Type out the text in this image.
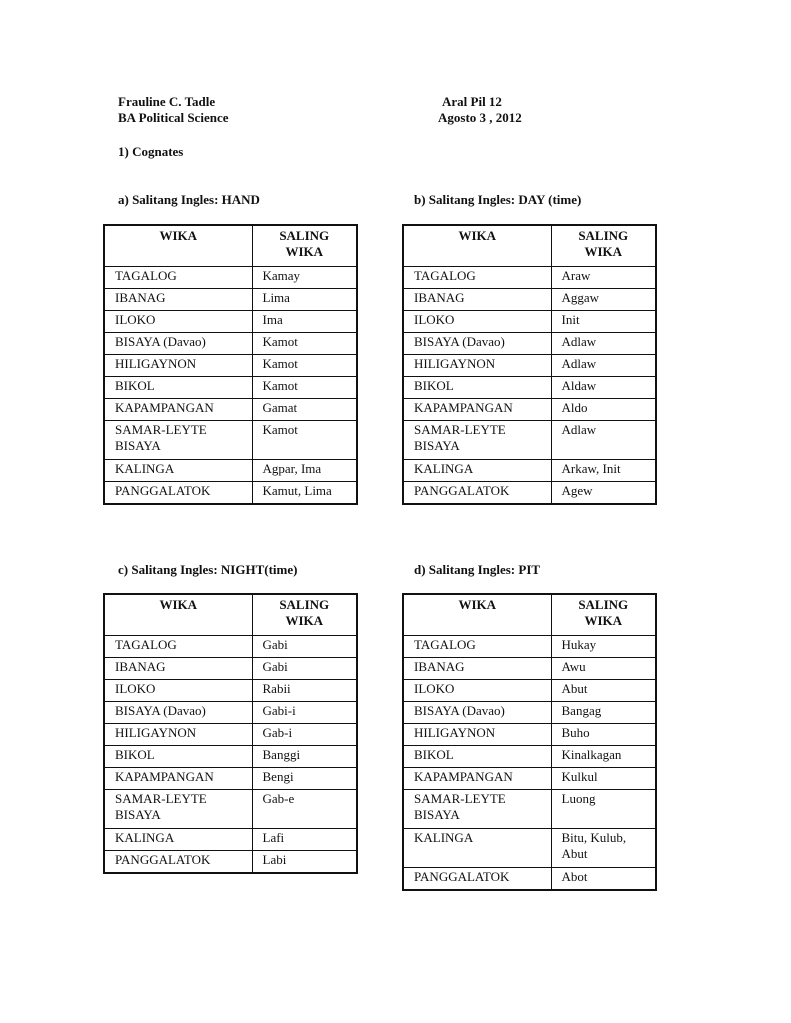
Frauline C. Tadle
BA Political Science
Aral Pil 12
Agosto 3 , 2012
1) Cognates
a) Salitang Ingles: HAND	b) Salitang Ingles: DAY (time)
c) Salitang Ingles: NIGHT(time)	d) Salitang Ingles: PIT
WIKA	SALING WIKA
TAGALOG	Kamay
IBANAG	Lima
ILOKO	Ima
BISAYA (Davao)	Kamot
HILIGAYNON	Kamot
BIKOL	Kamot
KAPAMPANGAN	Gamat
SAMAR-LEYTE BISAYA	Kamot
KALINGA	Agpar, Ima
PANGGALATOK	Kamut, Lima
WIKA	SALING WIKA
TAGALOG	Araw
IBANAG	Aggaw
ILOKO	Init
BISAYA (Davao)	Adlaw
HILIGAYNON	Adlaw
BIKOL	Aldaw
KAPAMPANGAN	Aldo
SAMAR-LEYTE BISAYA	Adlaw
KALINGA	Arkaw, Init
PANGGALATOK	Agew
WIKA	SALING WIKA
TAGALOG	Gabi
IBANAG	Gabi
ILOKO	Rabii
BISAYA (Davao)	Gabi-i
HILIGAYNON	Gab-i
BIKOL	Banggi
KAPAMPANGAN	Bengi
SAMAR-LEYTE BISAYA	Gab-e
KALINGA	Lafi
PANGGALATOK	Labi
WIKA	SALING WIKA
TAGALOG	Hukay
IBANAG	Awu
ILOKO	Abut
BISAYA (Davao)	Bangag
HILIGAYNON	Buho
BIKOL	Kinalkagan
KAPAMPANGAN	Kulkul
SAMAR-LEYTE BISAYA	Luong
KALINGA	Bitu, Kulub, Abut
PANGGALATOK	Abot
